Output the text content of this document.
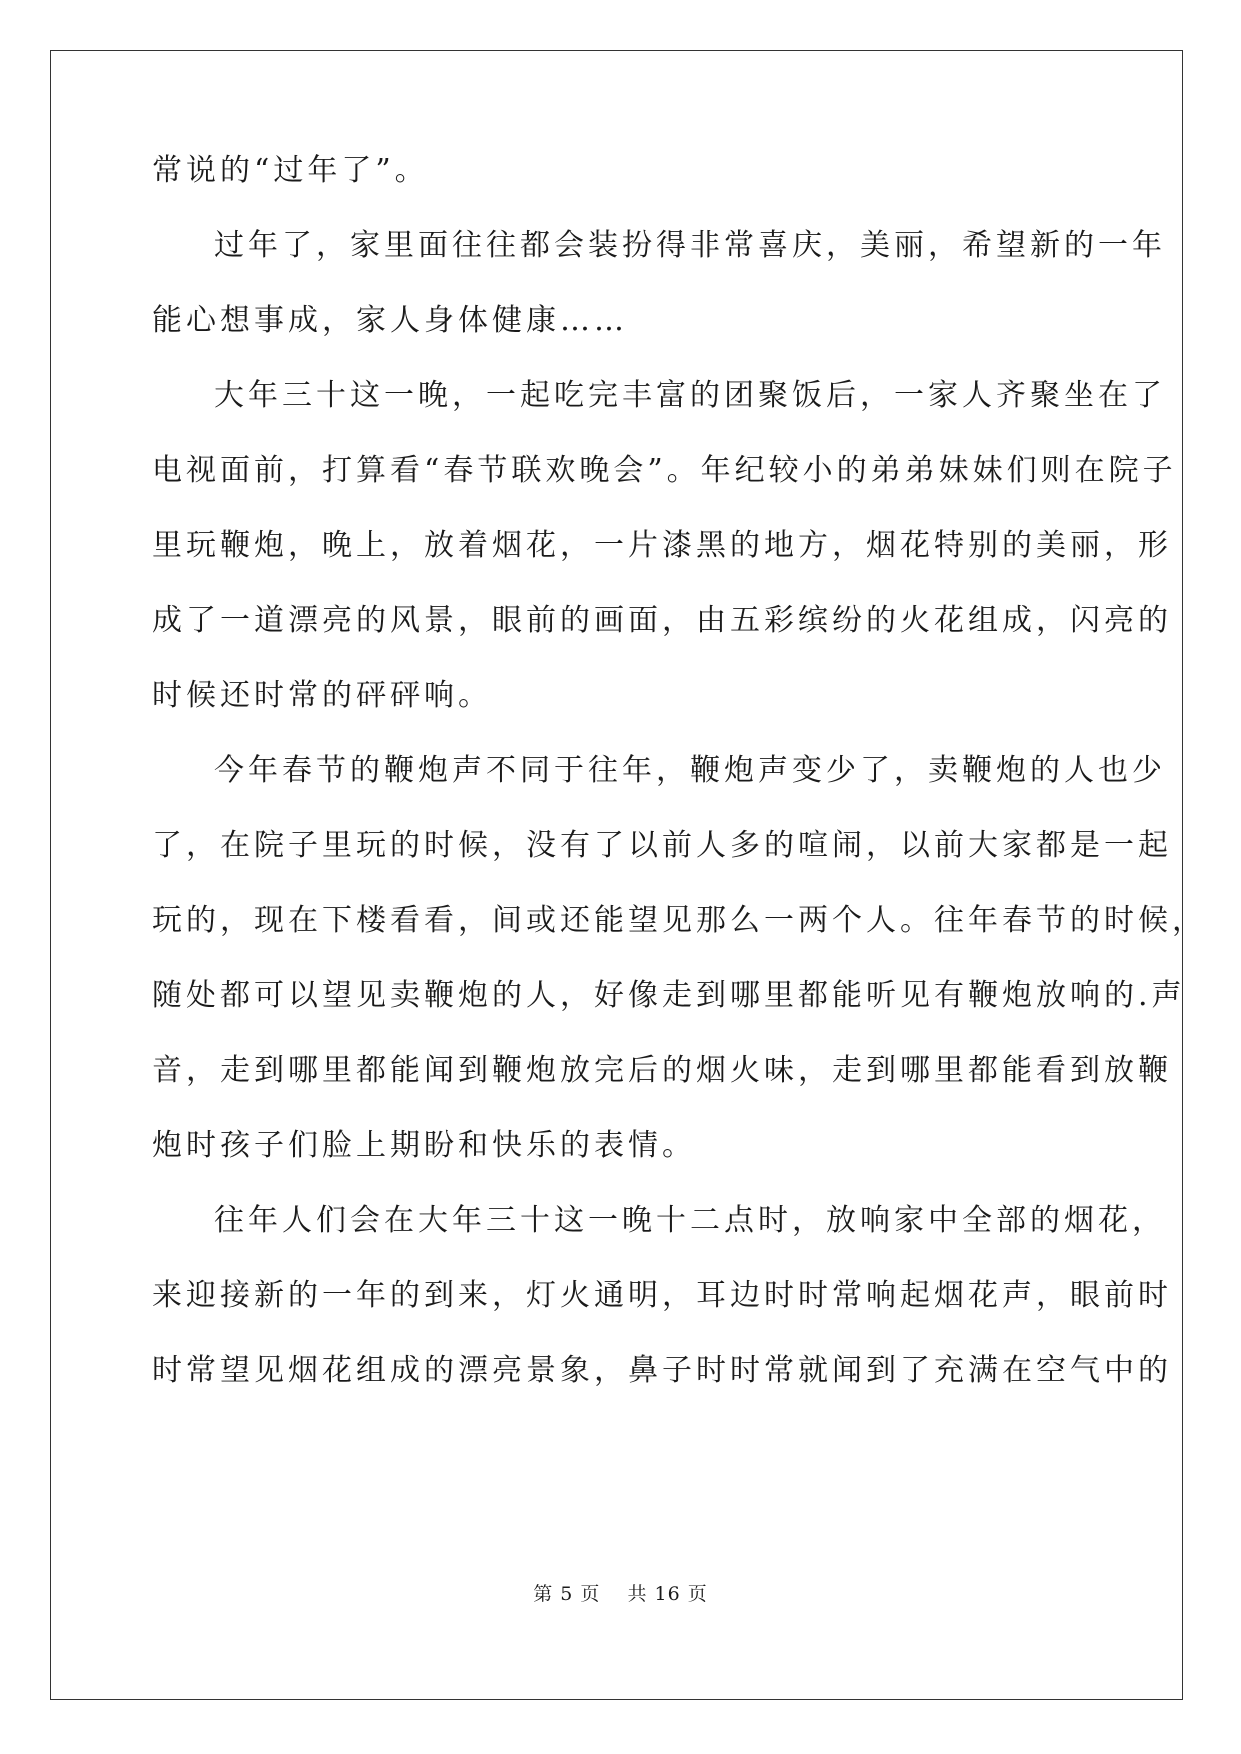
常说的“过年了”。
过年了，家里面往往都会装扮得非常喜庆，美丽，希望新的一年
能心想事成，家人身体健康……
大年三十这一晚，一起吃完丰富的团聚饭后，一家人齐聚坐在了
电视面前，打算看“春节联欢晚会”。年纪较小的弟弟妹妹们则在院子
里玩鞭炮，晚上，放着烟花，一片漆黑的地方，烟花特别的美丽，形
成了一道漂亮的风景，眼前的画面，由五彩缤纷的火花组成，闪亮的
时候还时常的砰砰响。
今年春节的鞭炮声不同于往年，鞭炮声变少了，卖鞭炮的人也少
了，在院子里玩的时候，没有了以前人多的喧闹，以前大家都是一起
玩的，现在下楼看看，间或还能望见那么一两个人。往年春节的时候，
随处都可以望见卖鞭炮的人，好像走到哪里都能听见有鞭炮放响的.声
音，走到哪里都能闻到鞭炮放完后的烟火味，走到哪里都能看到放鞭
炮时孩子们脸上期盼和快乐的表情。
往年人们会在大年三十这一晚十二点时，放响家中全部的烟花，
来迎接新的一年的到来，灯火通明，耳边时时常响起烟花声，眼前时
时常望见烟花组成的漂亮景象，鼻子时时常就闻到了充满在空气中的
第 5 页　 共 16 页
